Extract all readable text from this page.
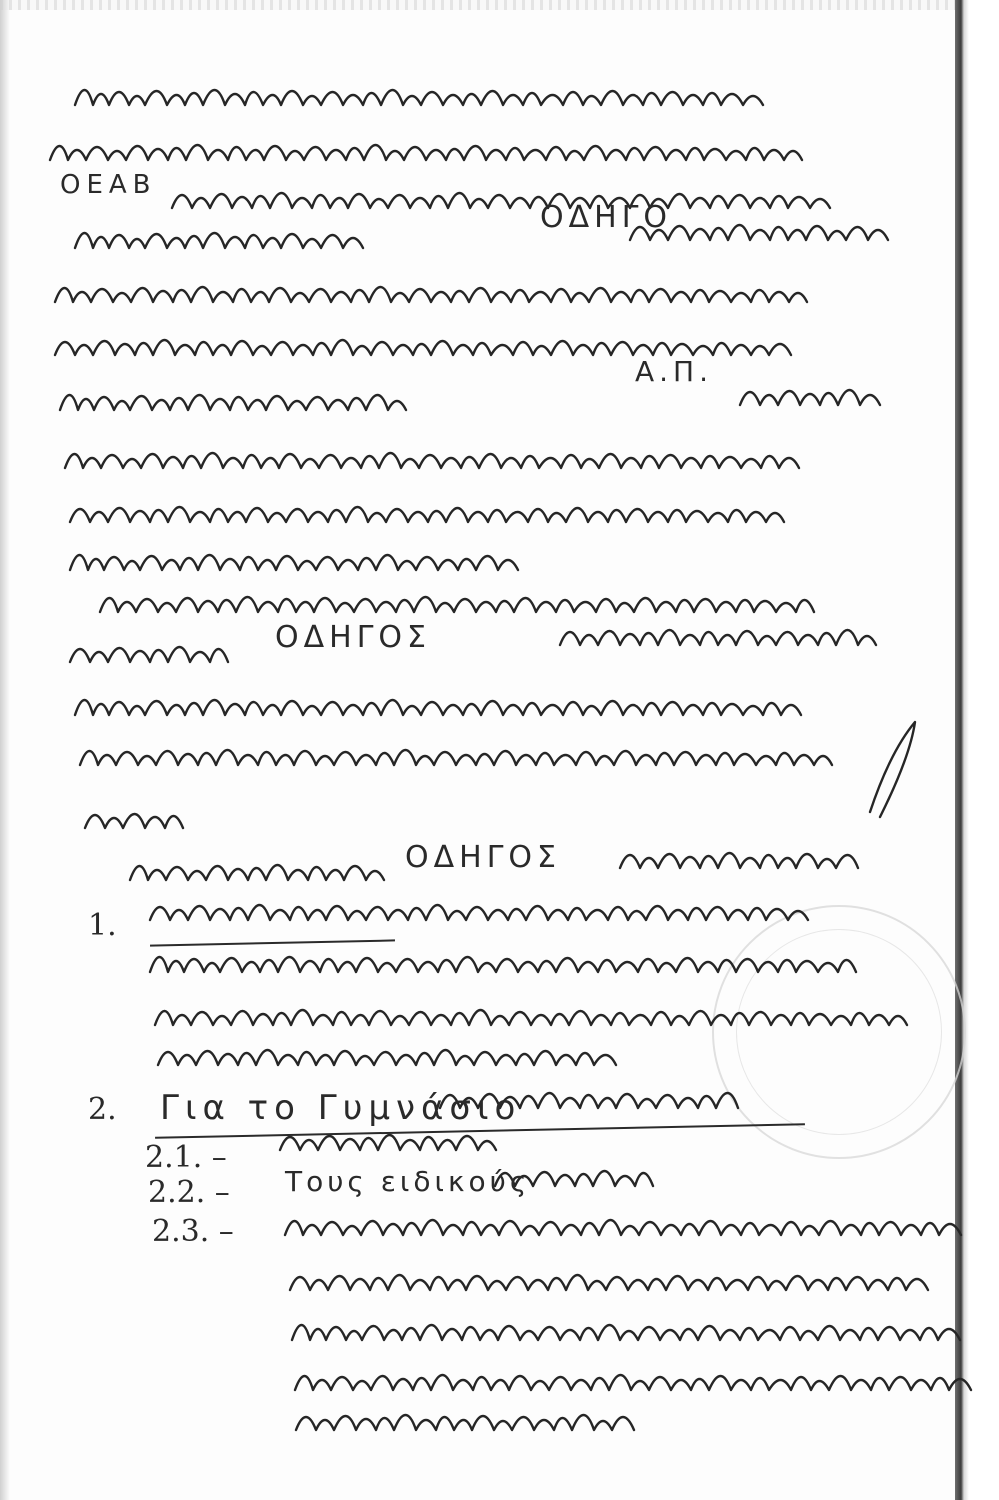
ΟΕΑΒ

ΟΔΗΓΟ

Α.Π.

ΟΔΗΓΟΣ

ΟΔΗΓΟΣ

1.

2. Για το Γυμνάσιο

2.1. –

2.2. – Τους ειδικούς

2.3. –
